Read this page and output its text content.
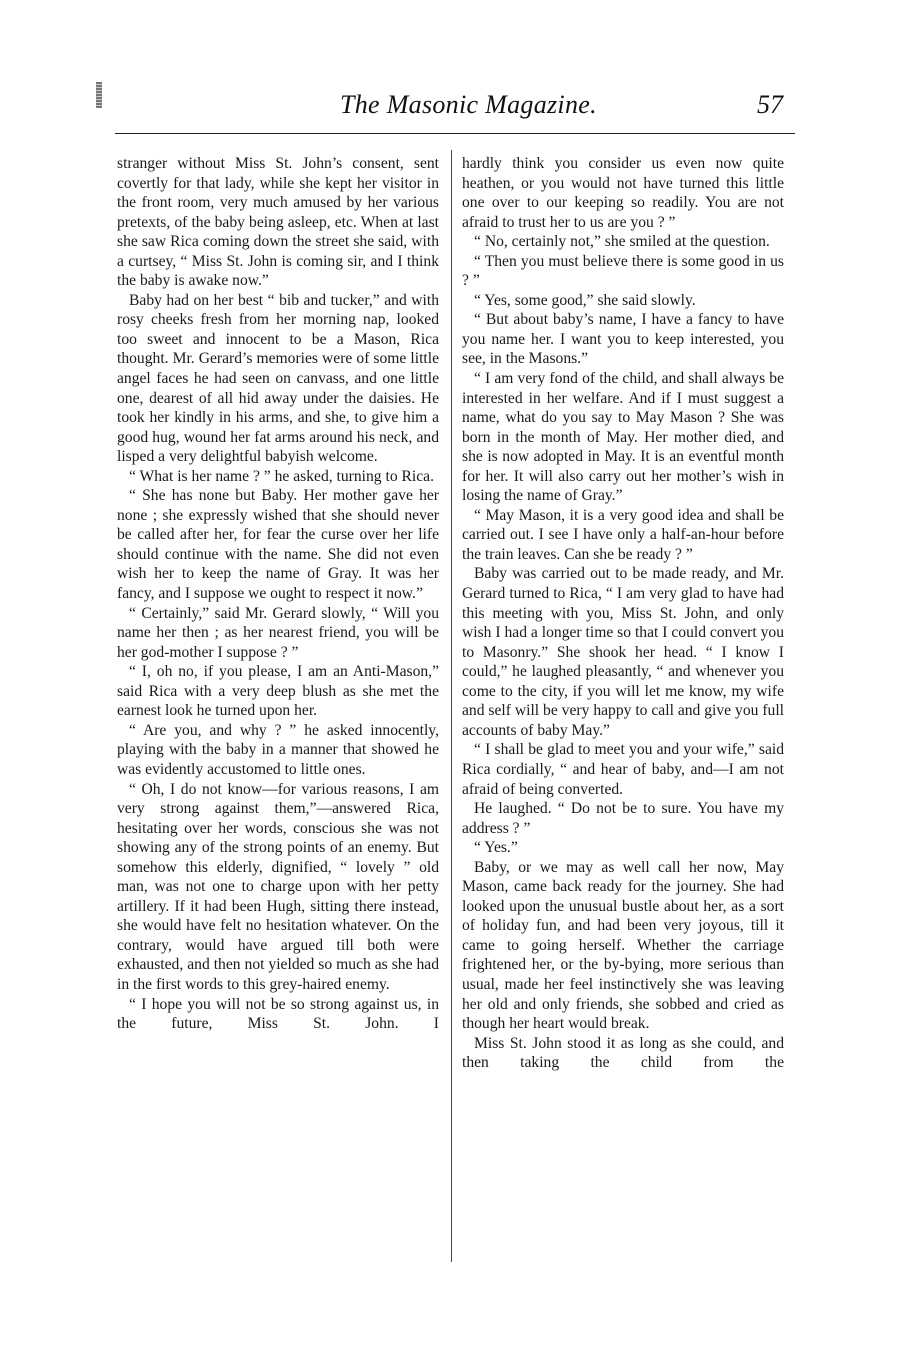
The Masonic Magazine.	57

stranger without Miss St. John’s consent, sent covertly for that lady, while she kept her visitor in the front room, very much amused by her various pretexts, of the baby being asleep, etc. When at last she saw Rica coming down the street she said, with a curtsey, “ Miss St. John is coming sir, and I think the baby is awake now.”

Baby had on her best “ bib and tucker,” and with rosy cheeks fresh from her morning nap, looked too sweet and innocent to be a Mason, Rica thought. Mr. Gerard’s memories were of some little angel faces he had seen on canvass, and one little one, dearest of all hid away under the daisies. He took her kindly in his arms, and she, to give him a good hug, wound her fat arms around his neck, and lisped a very delightful babyish welcome.

“ What is her name ? ” he asked, turning to Rica.

“ She has none but Baby. Her mother gave her none ; she expressly wished that she should never be called after her, for fear the curse over her life should continue with the name. She did not even wish her to keep the name of Gray. It was her fancy, and I suppose we ought to respect it now.”

“ Certainly,” said Mr. Gerard slowly, “ Will you name her then ; as her nearest friend, you will be her god-mother I suppose ? ”

“ I, oh no, if you please, I am an Anti-Mason,” said Rica with a very deep blush as she met the earnest look he turned upon her.

“ Are you, and why ? ” he asked innocently, playing with the baby in a manner that showed he was evidently accustomed to little ones.

“ Oh, I do not know—for various reasons, I am very strong against them,”—answered Rica, hesitating over her words, conscious she was not showing any of the strong points of an enemy. But somehow this elderly, dignified, “ lovely ” old man, was not one to charge upon with her petty artillery. If it had been Hugh, sitting there instead, she would have felt no hesitation whatever. On the contrary, would have argued till both were exhausted, and then not yielded so much as she had in the first words to this grey-haired enemy.

“ I hope you will not be so strong against us, in the future, Miss St. John. I

hardly think you consider us even now quite heathen, or you would not have turned this little one over to our keeping so readily. You are not afraid to trust her to us are you ? ”

“ No, certainly not,” she smiled at the question.

“ Then you must believe there is some good in us ? ”

“ Yes, some good,” she said slowly.

“ But about baby’s name, I have a fancy to have you name her. I want you to keep interested, you see, in the Masons.”

“ I am very fond of the child, and shall always be interested in her welfare. And if I must suggest a name, what do you say to May Mason ? She was born in the month of May. Her mother died, and she is now adopted in May. It is an eventful month for her. It will also carry out her mother’s wish in losing the name of Gray.”

“ May Mason, it is a very good idea and shall be carried out. I see I have only a half-an-hour before the train leaves. Can she be ready ? ”

Baby was carried out to be made ready, and Mr. Gerard turned to Rica, “ I am very glad to have had this meeting with you, Miss St. John, and only wish I had a longer time so that I could convert you to Masonry.” She shook her head. “ I know I could,” he laughed pleasantly, “ and whenever you come to the city, if you will let me know, my wife and self will be very happy to call and give you full accounts of baby May.”

“ I shall be glad to meet you and your wife,” said Rica cordially, “ and hear of baby, and—I am not afraid of being converted.

He laughed. “ Do not be to sure. You have my address ? ”

“ Yes.”

Baby, or we may as well call her now, May Mason, came back ready for the journey. She had looked upon the unusual bustle about her, as a sort of holiday fun, and had been very joyous, till it came to going herself. Whether the carriage frightened her, or the by-bying, more serious than usual, made her feel instinctively she was leaving her old and only friends, she sobbed and cried as though her heart would break.

Miss St. John stood it as long as she could, and then taking the child from the
